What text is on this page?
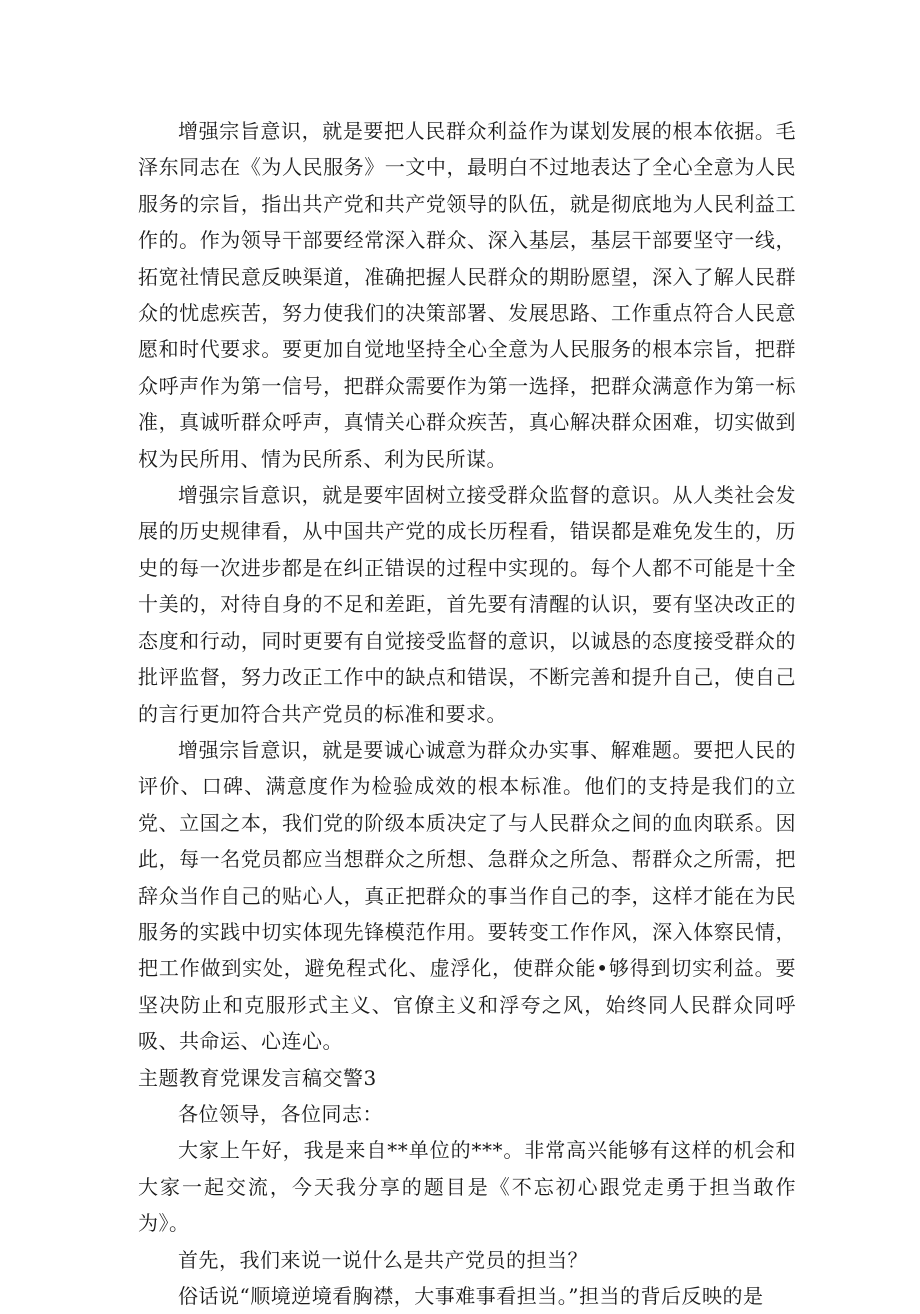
增强宗旨意识，就是要把人民群众利益作为谋划发展的根本依据。毛泽东同志在《为人民服务》一文中，最明白不过地表达了全心全意为人民服务的宗旨，指出共产党和共产党领导的队伍，就是彻底地为人民利益工作的。作为领导干部要经常深入群众、深入基层，基层干部要坚守一线，拓宽社情民意反映渠道，准确把握人民群众的期盼愿望，深入了解人民群众的忧虑疾苦，努力使我们的决策部署、发展思路、工作重点符合人民意愿和时代要求。要更加自觉地坚持全心全意为人民服务的根本宗旨，把群众呼声作为第一信号，把群众需要作为第一选择，把群众满意作为第一标准，真诚听群众呼声，真情关心群众疾苦，真心解决群众困难，切实做到权为民所用、情为民所系、利为民所谋。

增强宗旨意识，就是要牢固树立接受群众监督的意识。从人类社会发展的历史规律看，从中国共产党的成长历程看，错误都是难免发生的，历史的每一次进步都是在纠正错误的过程中实现的。每个人都不可能是十全十美的，对待自身的不足和差距，首先要有清醒的认识，要有坚决改正的态度和行动，同时更要有自觉接受监督的意识，以诚恳的态度接受群众的批评监督，努力改正工作中的缺点和错误，不断完善和提升自己，使自己的言行更加符合共产党员的标准和要求。

增强宗旨意识，就是要诚心诚意为群众办实事、解难题。要把人民的评价、口碑、满意度作为检验成效的根本标准。他们的支持是我们的立党、立国之本，我们党的阶级本质决定了与人民群众之间的血肉联系。因此，每一名党员都应当想群众之所想、急群众之所急、帮群众之所需，把辞众当作自己的贴心人，真正把群众的事当作自己的李，这样才能在为民服务的实践中切实体现先锋模范作用。要转变工作作风，深入体察民情，把工作做到实处，避免程式化、虚浮化，使群众能•够得到切实利益。要坚决防止和克服形式主义、官僚主义和浮夸之风，始终同人民群众同呼吸、共命运、心连心。

主题教育党课发言稿交警3

各位领导，各位同志：

大家上午好，我是来自**单位的***。非常高兴能够有这样的机会和大家一起交流，今天我分享的题目是《不忘初心跟党走勇于担当敢作为》。

首先，我们来说一说什么是共产党员的担当？

俗话说“顺境逆境看胸襟，大事难事看担当。”担当的背后反映的是
